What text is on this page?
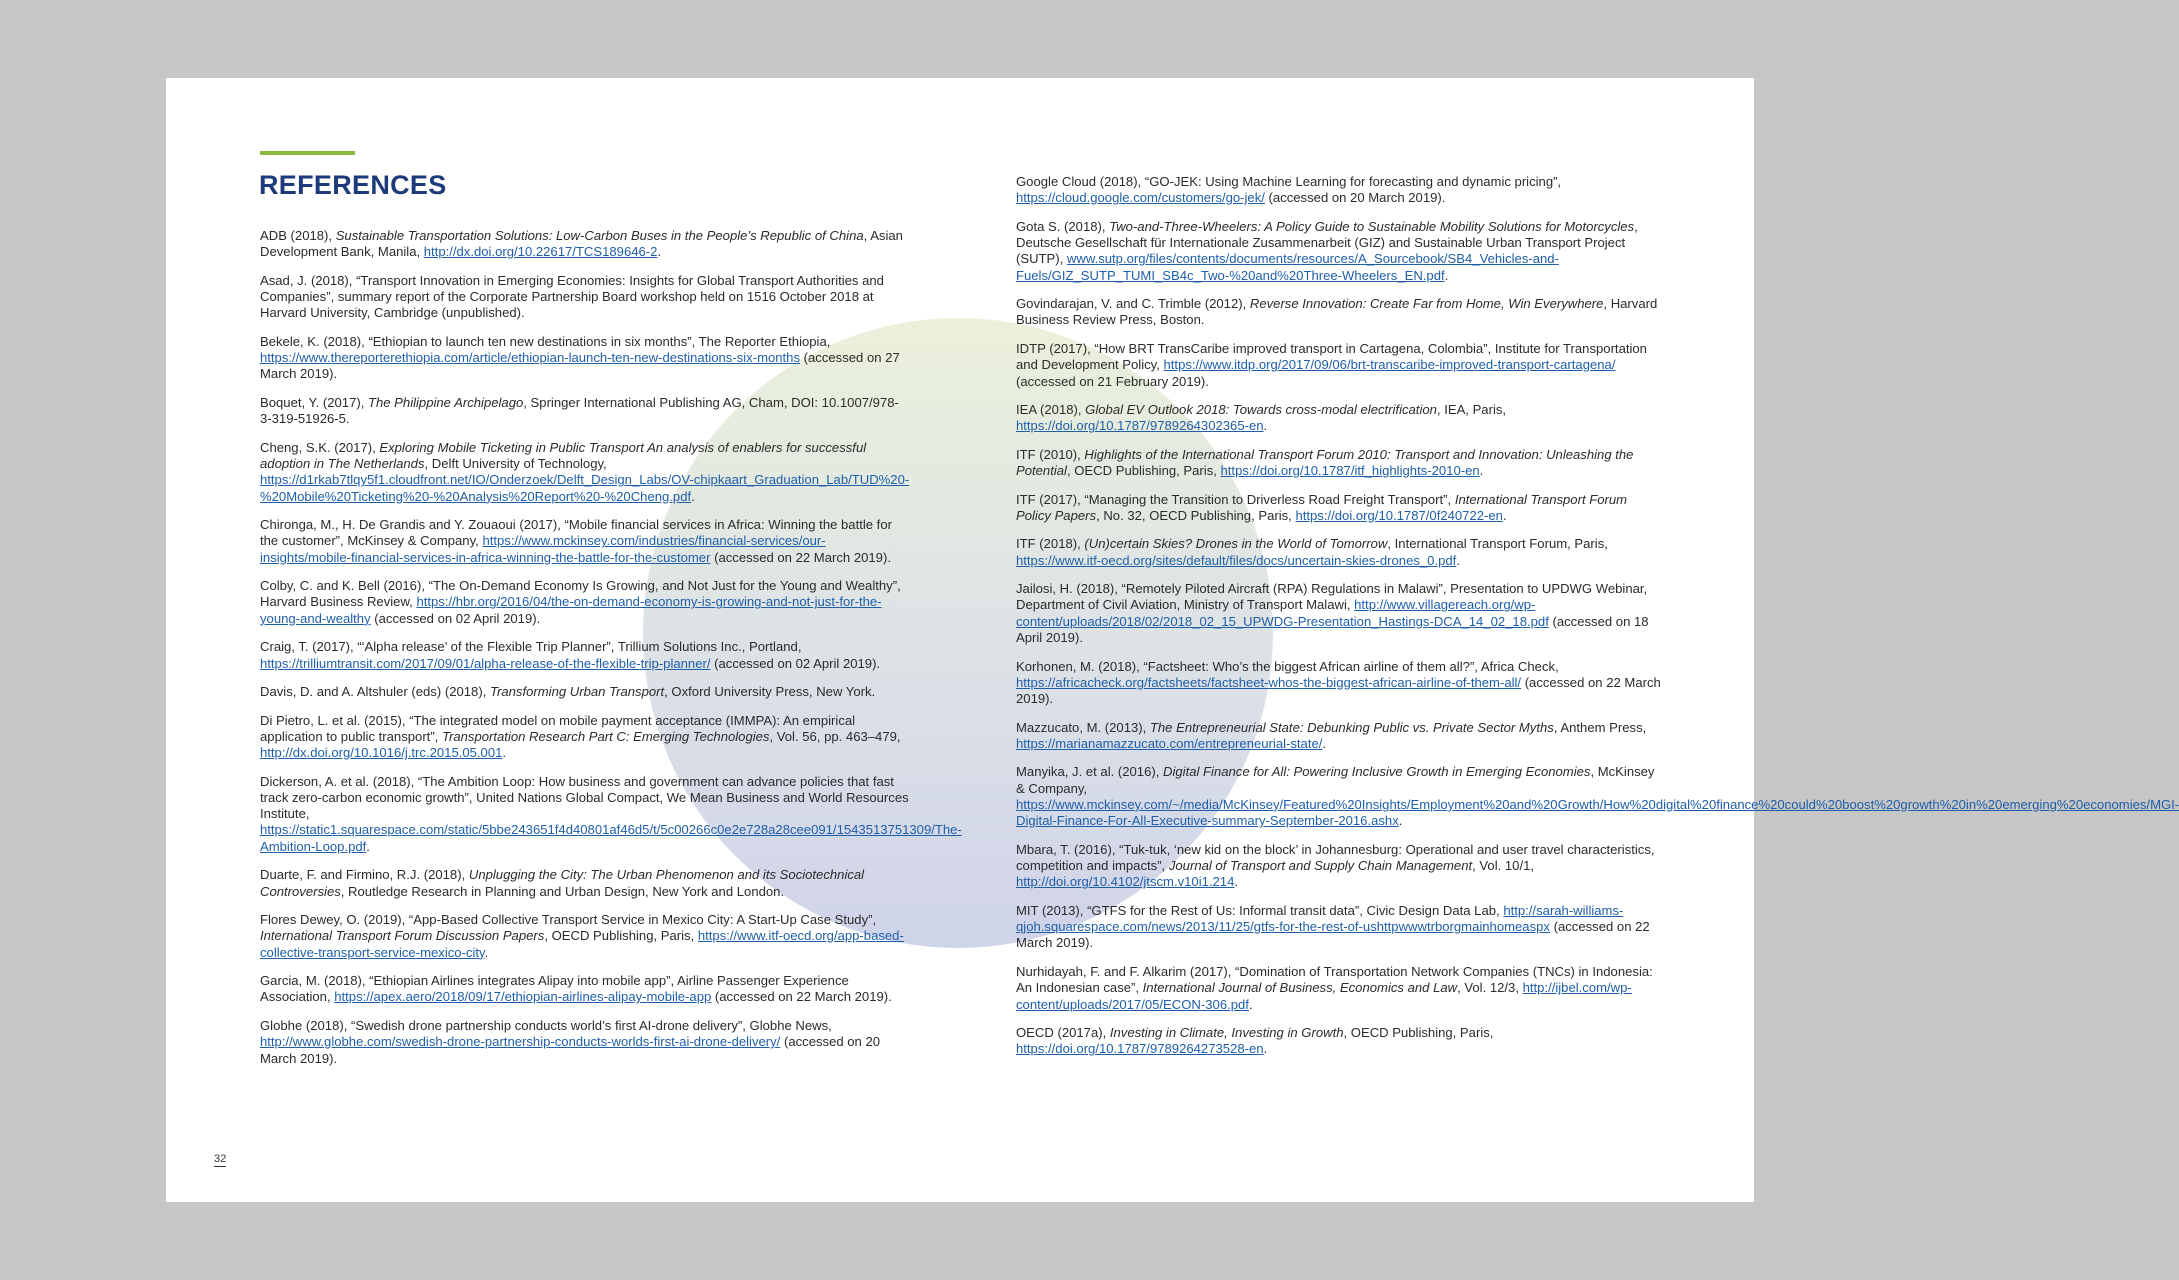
REFERENCES
ADB (2018), Sustainable Transportation Solutions: Low-Carbon Buses in the People’s Republic of China, Asian Development Bank, Manila, http://dx.doi.org/10.22617/TCS189646-2.
Asad, J. (2018), “Transport Innovation in Emerging Economies: Insights for Global Transport Authorities and Companies”, summary report of the Corporate Partnership Board workshop held on 1516 October 2018 at Harvard University, Cambridge (unpublished).
Bekele, K. (2018), “Ethiopian to launch ten new destinations in six months”, The Reporter Ethiopia, https://www.thereporterethiopia.com/article/ethiopian-launch-ten-new-destinations-six-months (accessed on 27 March 2019).
Boquet, Y. (2017), The Philippine Archipelago, Springer International Publishing AG, Cham, DOI: 10.1007/978-3-319-51926-5.
Cheng, S.K. (2017), Exploring Mobile Ticketing in Public Transport An analysis of enablers for successful adoption in The Netherlands, Delft University of Technology, https://d1rkab7tlqy5f1.cloudfront.net/IO/Onderzoek/Delft_Design_Labs/OV-chipkaart_Graduation_Lab/TUD%20-%20Mobile%20Ticketing%20-%20Analysis%20Report%20-%20Cheng.pdf.
Chironga, M., H. De Grandis and Y. Zouaoui (2017), “Mobile financial services in Africa: Winning the battle for the customer”, McKinsey & Company, https://www.mckinsey.com/industries/financial-services/our-insights/mobile-financial-services-in-africa-winning-the-battle-for-the-customer (accessed on 22 March 2019).
Colby, C. and K. Bell (2016), “The On-Demand Economy Is Growing, and Not Just for the Young and Wealthy”, Harvard Business Review, https://hbr.org/2016/04/the-on-demand-economy-is-growing-and-not-just-for-the-young-and-wealthy (accessed on 02 April 2019).
Craig, T. (2017), “‘Alpha release’ of the Flexible Trip Planner”, Trillium Solutions Inc., Portland, https://trilliumtransit.com/2017/09/01/alpha-release-of-the-flexible-trip-planner/ (accessed on 02 April 2019).
Davis, D. and A. Altshuler (eds) (2018), Transforming Urban Transport, Oxford University Press, New York.
Di Pietro, L. et al. (2015), “The integrated model on mobile payment acceptance (IMMPA): An empirical application to public transport”, Transportation Research Part C: Emerging Technologies, Vol. 56, pp. 463–479, http://dx.doi.org/10.1016/j.trc.2015.05.001.
Dickerson, A. et al. (2018), “The Ambition Loop: How business and government can advance policies that fast track zero-carbon economic growth”, United Nations Global Compact, We Mean Business and World Resources Institute, https://static1.squarespace.com/static/5bbe243651f4d40801af46d5/t/5c00266c0e2e728a28cee091/1543513751309/The-Ambition-Loop.pdf.
Duarte, F. and Firmino, R.J. (2018), Unplugging the City: The Urban Phenomenon and its Sociotechnical Controversies, Routledge Research in Planning and Urban Design, New York and London.
Flores Dewey, O. (2019), “App-Based Collective Transport Service in Mexico City: A Start-Up Case Study”, International Transport Forum Discussion Papers, OECD Publishing, Paris, https://www.itf-oecd.org/app-based-collective-transport-service-mexico-city.
Garcia, M. (2018), “Ethiopian Airlines integrates Alipay into mobile app”, Airline Passenger Experience Association, https://apex.aero/2018/09/17/ethiopian-airlines-alipay-mobile-app (accessed on 22 March 2019).
Globhe (2018), “Swedish drone partnership conducts world’s first AI-drone delivery”, Globhe News, http://www.globhe.com/swedish-drone-partnership-conducts-worlds-first-ai-drone-delivery/ (accessed on 20 March 2019).
Google Cloud (2018), “GO-JEK: Using Machine Learning for forecasting and dynamic pricing”, https://cloud.google.com/customers/go-jek/ (accessed on 20 March 2019).
Gota S. (2018), Two-and-Three-Wheelers: A Policy Guide to Sustainable Mobility Solutions for Motorcycles, Deutsche Gesellschaft für Internationale Zusammenarbeit (GIZ) and Sustainable Urban Transport Project (SUTP), www.sutp.org/files/contents/documents/resources/A_Sourcebook/SB4_Vehicles-and-Fuels/GIZ_SUTP_TUMI_SB4c_Two-%20and%20Three-Wheelers_EN.pdf.
Govindarajan, V. and C. Trimble (2012), Reverse Innovation: Create Far from Home, Win Everywhere, Harvard Business Review Press, Boston.
IDTP (2017), “How BRT TransCaribe improved transport in Cartagena, Colombia”, Institute for Transportation and Development Policy, https://www.itdp.org/2017/09/06/brt-transcaribe-improved-transport-cartagena/ (accessed on 21 February 2019).
IEA (2018), Global EV Outlook 2018: Towards cross-modal electrification, IEA, Paris, https://doi.org/10.1787/9789264302365-en.
ITF (2010), Highlights of the International Transport Forum 2010: Transport and Innovation: Unleashing the Potential, OECD Publishing, Paris, https://doi.org/10.1787/itf_highlights-2010-en.
ITF (2017), “Managing the Transition to Driverless Road Freight Transport”, International Transport Forum Policy Papers, No. 32, OECD Publishing, Paris, https://doi.org/10.1787/0f240722-en.
ITF (2018), (Un)certain Skies? Drones in the World of Tomorrow, International Transport Forum, Paris, https://www.itf-oecd.org/sites/default/files/docs/uncertain-skies-drones_0.pdf.
Jailosi, H. (2018), “Remotely Piloted Aircraft (RPA) Regulations in Malawi”, Presentation to UPDWG Webinar, Department of Civil Aviation, Ministry of Transport Malawi, http://www.villagereach.org/wp-content/uploads/2018/02/2018_02_15_UPWDG-Presentation_Hastings-DCA_14_02_18.pdf (accessed on 18 April 2019).
Korhonen, M. (2018), “Factsheet: Who’s the biggest African airline of them all?”, Africa Check, https://africacheck.org/factsheets/factsheet-whos-the-biggest-african-airline-of-them-all/ (accessed on 22 March 2019).
Mazzucato, M. (2013), The Entrepreneurial State: Debunking Public vs. Private Sector Myths, Anthem Press, https://marianamazzucato.com/entrepreneurial-state/.
Manyika, J. et al. (2016), Digital Finance for All: Powering Inclusive Growth in Emerging Economies, McKinsey & Company, https://www.mckinsey.com/~/media/McKinsey/Featured%20Insights/Employment%20and%20Growth/How%20digital%20finance%20could%20boost%20growth%20in%20emerging%20economies/MGI-Digital-Finance-For-All-Executive-summary-September-2016.ashx.
Mbara, T. (2016), “Tuk-tuk, ‘new kid on the block’ in Johannesburg: Operational and user travel characteristics, competition and impacts”, Journal of Transport and Supply Chain Management, Vol. 10/1, http://doi.org/10.4102/jtscm.v10i1.214.
MIT (2013), “GTFS for the Rest of Us: Informal transit data”, Civic Design Data Lab, http://sarah-williams-qjoh.squarespace.com/news/2013/11/25/gtfs-for-the-rest-of-ushttpwwwtrborgmainhomeaspx (accessed on 22 March 2019).
Nurhidayah, F. and F. Alkarim (2017), “Domination of Transportation Network Companies (TNCs) in Indonesia: An Indonesian case”, International Journal of Business, Economics and Law, Vol. 12/3, http://ijbel.com/wp-content/uploads/2017/05/ECON-306.pdf.
OECD (2017a), Investing in Climate, Investing in Growth, OECD Publishing, Paris, https://doi.org/10.1787/9789264273528-en.
32
